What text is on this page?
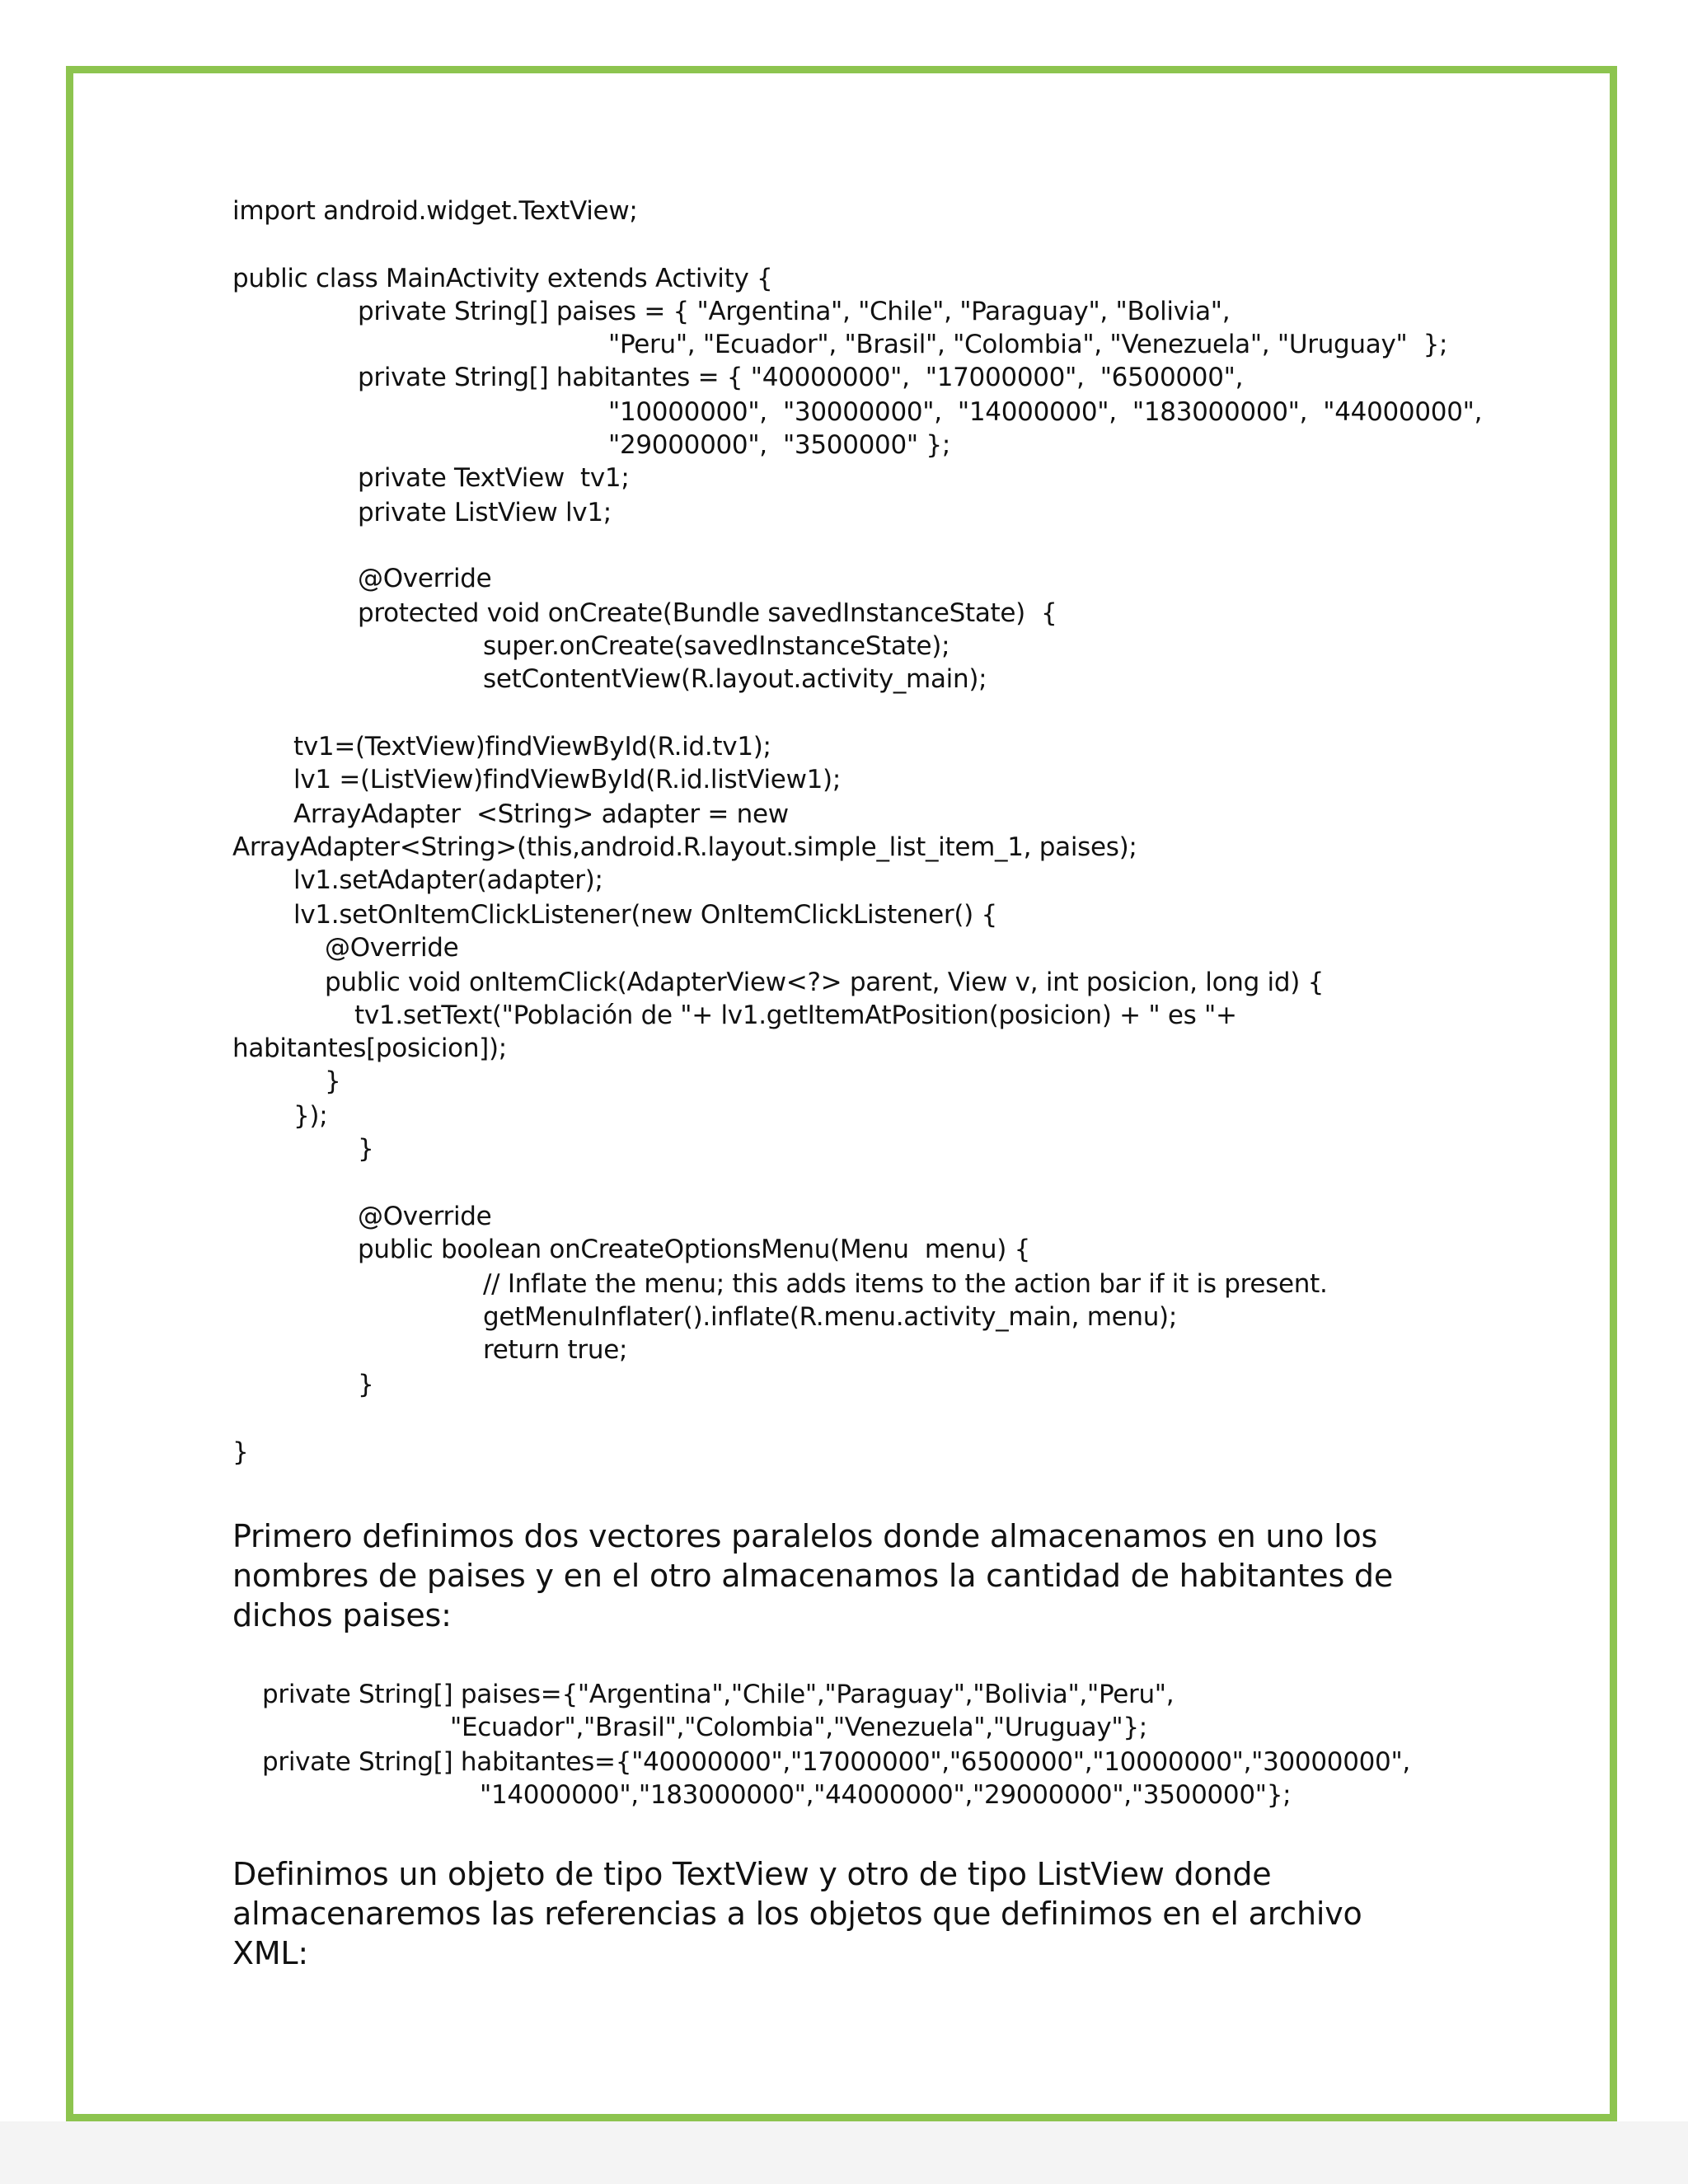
import android.widget.TextView;
public class MainActivity extends Activity {
private String[] paises = { "Argentina", "Chile", "Paraguay", "Bolivia",
"Peru", "Ecuador", "Brasil", "Colombia", "Venezuela", "Uruguay"  };
private String[] habitantes = { "40000000",  "17000000",  "6500000",
"10000000",  "30000000",  "14000000",  "183000000",  "44000000",
"29000000",  "3500000" };
private TextView  tv1;
private ListView lv1;
@Override
protected void onCreate(Bundle savedInstanceState)  {
super.onCreate(savedInstanceState);
setContentView(R.layout.activity_main);
tv1=(TextView)findViewById(R.id.tv1);
lv1 =(ListView)findViewById(R.id.listView1);
ArrayAdapter  <String> adapter = new
ArrayAdapter<String>(this,android.R.layout.simple_list_item_1, paises);
lv1.setAdapter(adapter);
lv1.setOnItemClickListener(new OnItemClickListener() {
@Override
public void onItemClick(AdapterView<?> parent, View v, int posicion, long id) {
tv1.setText("Población de "+ lv1.getItemAtPosition(posicion) + " es "+
habitantes[posicion]);
}
});
}
@Override
public boolean onCreateOptionsMenu(Menu  menu) {
// Inflate the menu; this adds items to the action bar if it is present.
getMenuInflater().inflate(R.menu.activity_main, menu);
return true;
}
}
Primero definimos dos vectores paralelos donde almacenamos en uno los
nombres de paises y en el otro almacenamos la cantidad de habitantes de
dichos paises:
private String[] paises={"Argentina","Chile","Paraguay","Bolivia","Peru",
"Ecuador","Brasil","Colombia","Venezuela","Uruguay"};
private String[] habitantes={"40000000","17000000","6500000","10000000","30000000",
"14000000","183000000","44000000","29000000","3500000"};
Definimos un objeto de tipo TextView y otro de tipo ListView donde
almacenaremos las referencias a los objetos que definimos en el archivo
XML:
